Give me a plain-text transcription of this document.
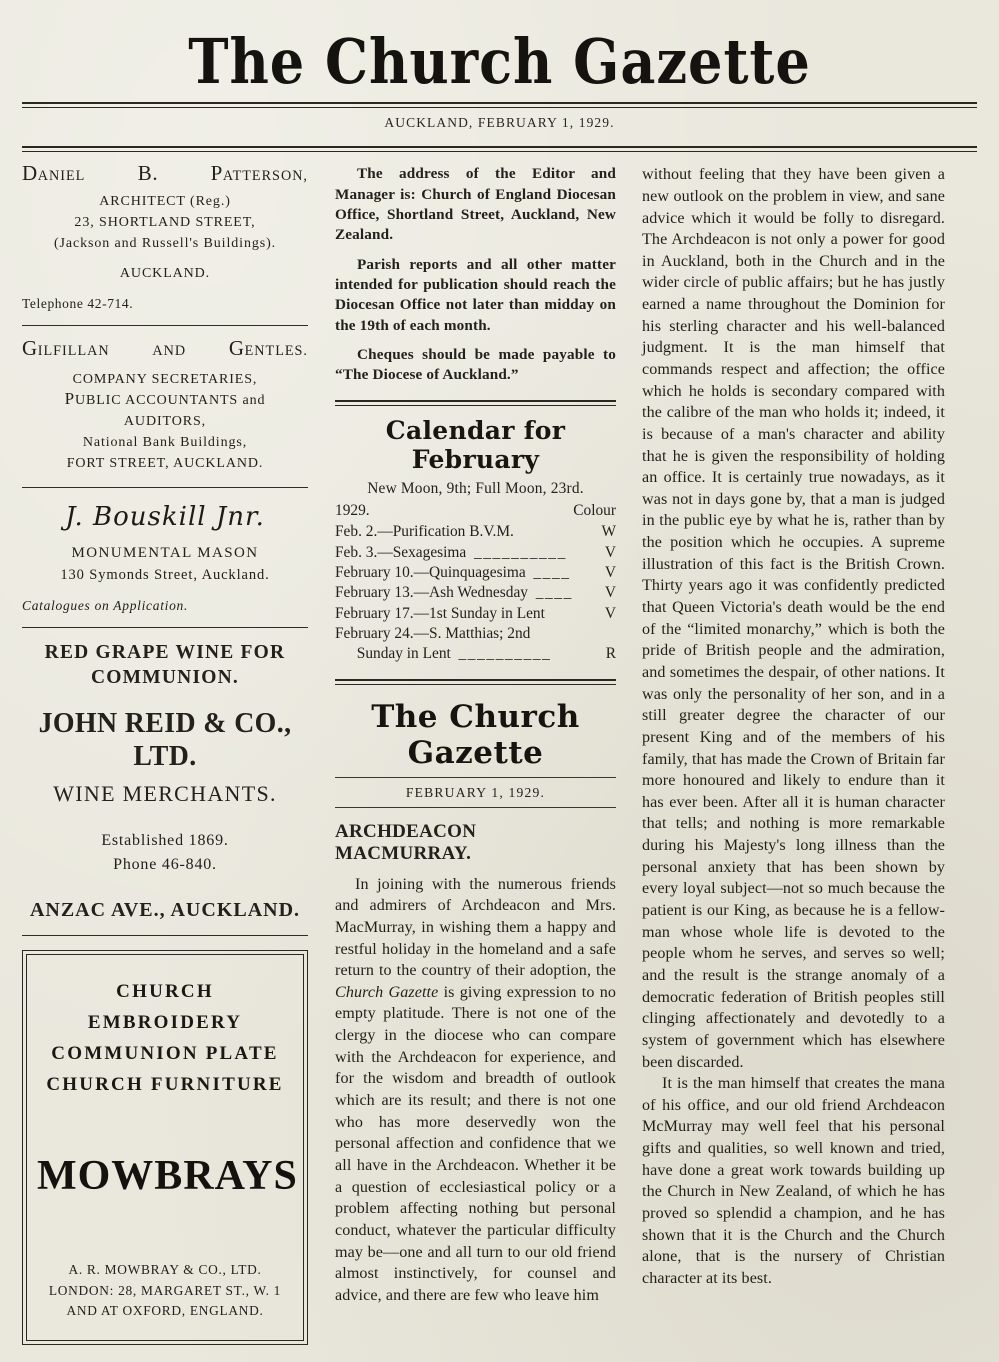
The Church Gazette
AUCKLAND, FEBRUARY 1, 1929.
DANIEL B. PATTERSON,
ARCHITECT (Reg.)
23, SHORTLAND STREET,
(Jackson and Russell's Buildings).
AUCKLAND.
Telephone 42-714.
GILFILLAN	AND GENTLES.
COMPANY SECRETARIES,
PUBLIC ACCOUNTANTS and AUDITORS,
National Bank Buildings,
FORT STREET, AUCKLAND.
J. Bouskill Jnr.
MONUMENTAL MASON
130 Symonds Street, Auckland.
Catalogues on Application.
RED GRAPE WINE FOR
COMMUNION.
JOHN REID & CO., LTD.
WINE MERCHANTS.
Established 1869.
Phone 46-840.
ANZAC AVE., AUCKLAND.
CHURCH EMBROIDERY
COMMUNION PLATE
CHURCH FURNITURE
MOWBRAYS
A. R. MOWBRAY & CO., LTD.
LONDON: 28, MARGARET ST., W. 1
AND AT OXFORD, ENGLAND.
The address of the Editor and Manager is: Church of England Diocesan Office, Shortland Street, Auckland, New Zealand.
Parish reports and all other matter intended for publication should reach the Diocesan Office not later than midday on the 19th of each month.
Cheques should be made payable to “The Diocese of Auckland.”
Calendar for February
New Moon, 9th; Full Moon, 23rd.
1929.	Colour
Feb. 2.—Purification B.V.M.	W
Feb. 3.—Sexagesima __________	V
February 10.—Quinquagesima ____	V
February 13.—Ash Wednesday ____	V
February 17.—1st Sunday in Lent	V
February 24.—S. Matthias; 2nd	
Sunday in Lent __________	R
The Church Gazette
FEBRUARY 1, 1929.
ARCHDEACON MACMURRAY.
In joining with the numerous friends and admirers of Archdeacon and Mrs. MacMurray, in wishing them a happy and restful holiday in the homeland and a safe return to the country of their adoption, the Church Gazette is giving expression to no empty platitude. There is not one of the clergy in the diocese who can compare with the Archdeacon for experience, and for the wisdom and breadth of outlook which are its result; and there is not one who has more deservedly won the personal affection and confidence that we all have in the Archdeacon. Whether it be a question of ecclesiastical policy or a problem affecting nothing but personal conduct, whatever the particular difficulty may be—one and all turn to our old friend almost instinctively, for counsel and advice, and there are few who leave him
without feeling that they have been given a new outlook on the problem in view, and sane advice which it would be folly to disregard. The Archdeacon is not only a power for good in Auckland, both in the Church and in the wider circle of public affairs; but he has justly earned a name throughout the Dominion for his sterling character and his well-balanced judgment. It is the man himself that commands respect and affection; the office which he holds is secondary compared with the calibre of the man who holds it; indeed, it is because of a man's character and ability that he is given the responsibility of holding an office. It is certainly true nowadays, as it was not in days gone by, that a man is judged in the public eye by what he is, rather than by the position which he occupies. A supreme illustration of this fact is the British Crown. Thirty years ago it was confidently predicted that Queen Victoria's death would be the end of the “limited monarchy,” which is both the pride of British people and the admiration, and sometimes the despair, of other nations. It was only the personality of her son, and in a still greater degree the character of our present King and of the members of his family, that has made the Crown of Britain far more honoured and likely to endure than it has ever been. After all it is human character that tells; and nothing is more remarkable during his Majesty's long illness than the personal anxiety that has been shown by every loyal subject—not so much because the patient is our King, as because he is a fellow-man whose whole life is devoted to the people whom he serves, and serves so well; and the result is the strange anomaly of a democratic federation of British peoples still clinging affectionately and devotedly to a system of government which has elsewhere been discarded.
It is the man himself that creates the mana of his office, and our old friend Archdeacon McMurray may well feel that his personal gifts and qualities, so well known and tried, have done a great work towards building up the Church in New Zealand, of which he has proved so splendid a champion, and he has shown that it is the Church and the Church alone, that is the nursery of Christian character at its best.
